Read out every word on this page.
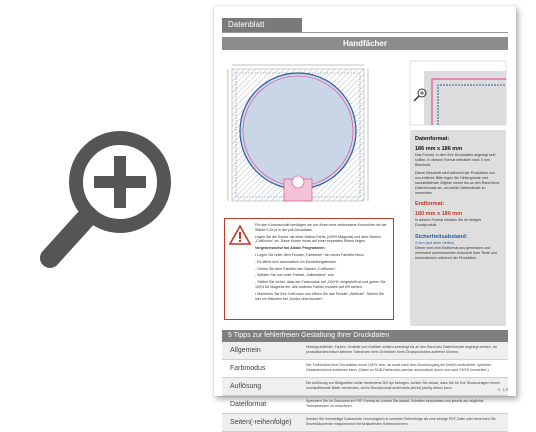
Datenblatt
Handfächer
Datenformat:
186 mm x 186 mm
Das Format, in dem Ihre Druckdaten angelegt sein sollten. In diesem Format enthalten sind: 3 mm Beschnitt.
Dieser Beschnitt wird während der Produktion von uns entfernt. Bitte legen Sie Hintergründe und randabfallende Objekte immer bis an den Rand Ihres Datenformats an, um weiße Seitenränder zu vermeiden.
Endformat:
180 mm x 180 mm
In diesem Format erhalten Sie Ihr fertiges Druckprodukt.
Sicherheitsabstand:
3 mm (auf allen Seiten)
Dieser wird vom Endformat aus gemessen und verhindert unerwünschten Anschnitt Ihrer Texte und Informationen während der Produktion.

Für den Konturschnitt benötigen wir von Ihnen eine vektorisierte Konturlinie mit der Stärke 0,25 pt in der pdf-Druckdatei.

Legen Sie die Kontur mit einer Vollton-Farbe (100% Magenta) und dem Namen „CutKontur“ an. Diese Kontur muss auf einer separaten Ebene liegen.

Vorgehensweise bei Adobe Programmen:

• Legen Sie unter dem Fenster „Farbfelder“ ein neues Farbfeld hinzu

- Es öffnet sich automatisch ein Einstellungsfenster.

- Geben Sie dem Farbfeld den Namen „CutKontur“.

- Wählen Sie nun unter Farbart „Volltonfarbe“ aus.

- Stellen Sie sicher, dass der Farbmodus auf „CMYK“ eingestellt ist und geben Sie 100% für Magenta ein, alle anderen Farben müssen auf 0% stehen.

• Markieren Sie Ihre CutKontur und öffnen Sie das Fenster „Attribute“. Setzen Sie hier ein Häkchen bei „Kontur überdrucken“.

5 Tipps zur fehlerfreien Gestaltung Ihrer Druckdaten
Allgemein	Hintergrundbilder, Farben, Verläufe und Grafiken sollten unbedingt bis an den Rand des Datenformats angelegt werden, da produktionstechnisch kleinere Toleranzen beim Schneiden Ihres Druckproduktes auftreten können.
Farbmodus	Der Farbmodus Ihrer Druckdaten muss CMYK sein, da sonst nach dem Druckvorgang ein (leicht) veränderter, optischer Gesamteindruck entstehen kann. (Daten im RGB-Farbmodus werden automatisch durch uns nach CMYK konvertiert.)
Auflösung	Die Auflösung von Bildgrafiken sollte mindestens 300 dpi betragen. Achten Sie darauf, dass Sie für Ihre Druckvorlagen immer hochauflösende Bilder verwenden, da Ihr Druckprodukt andernfalls (leicht) pixelig wirken kann.
Dateiformat	Speichern Sie Ihr Dokument im PDF-Format ab. Achten Sie darauf, Schriften einzubetten und jeweils als möglichst Transparenzen zu reduzieren.
Seiten(-reihenfolge)	Senden Sie mehrseitige Dokumente chronologisch in korrekter Reihenfolge als eine einzige PDF-Datei oder benennen Sie Einzeldokumente entsprechend mit fortlaufenden Seitennummern.
S. 1/3
